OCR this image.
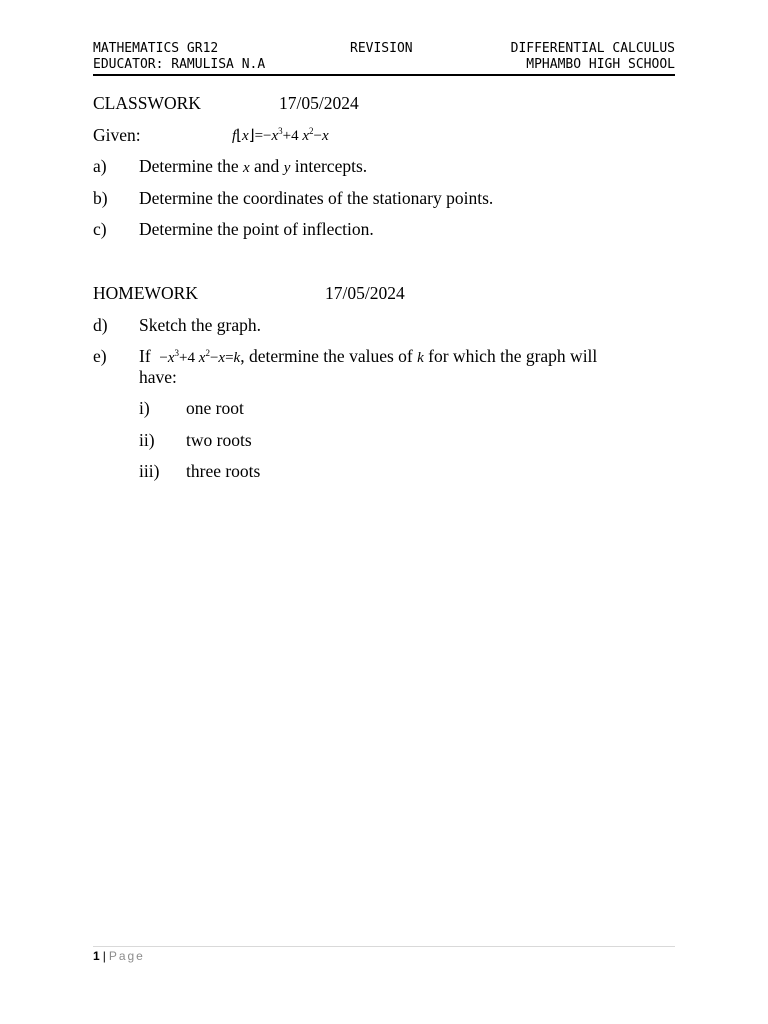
MATHEMATICS GR12	REVISION	DIFFERENTIAL CALCULUS
EDUCATOR: RAMULISA N.A	MPHAMBO HIGH SCHOOL
CLASSWORK	17/05/2024
Given:	$f⌊x⌋=-x^3+4$ $x^2-x$
a) Determine the x and y intercepts.
b) Determine the coordinates of the stationary points.
c) Determine the point of inflection.
HOMEWORK	17/05/2024
d) Sketch the graph.
e) $If -x^3+4$ $x^2-x=k$, determine the values of k for which the graph will
have:
i) one root
ii) two roots
iii) three roots
1 | Page
